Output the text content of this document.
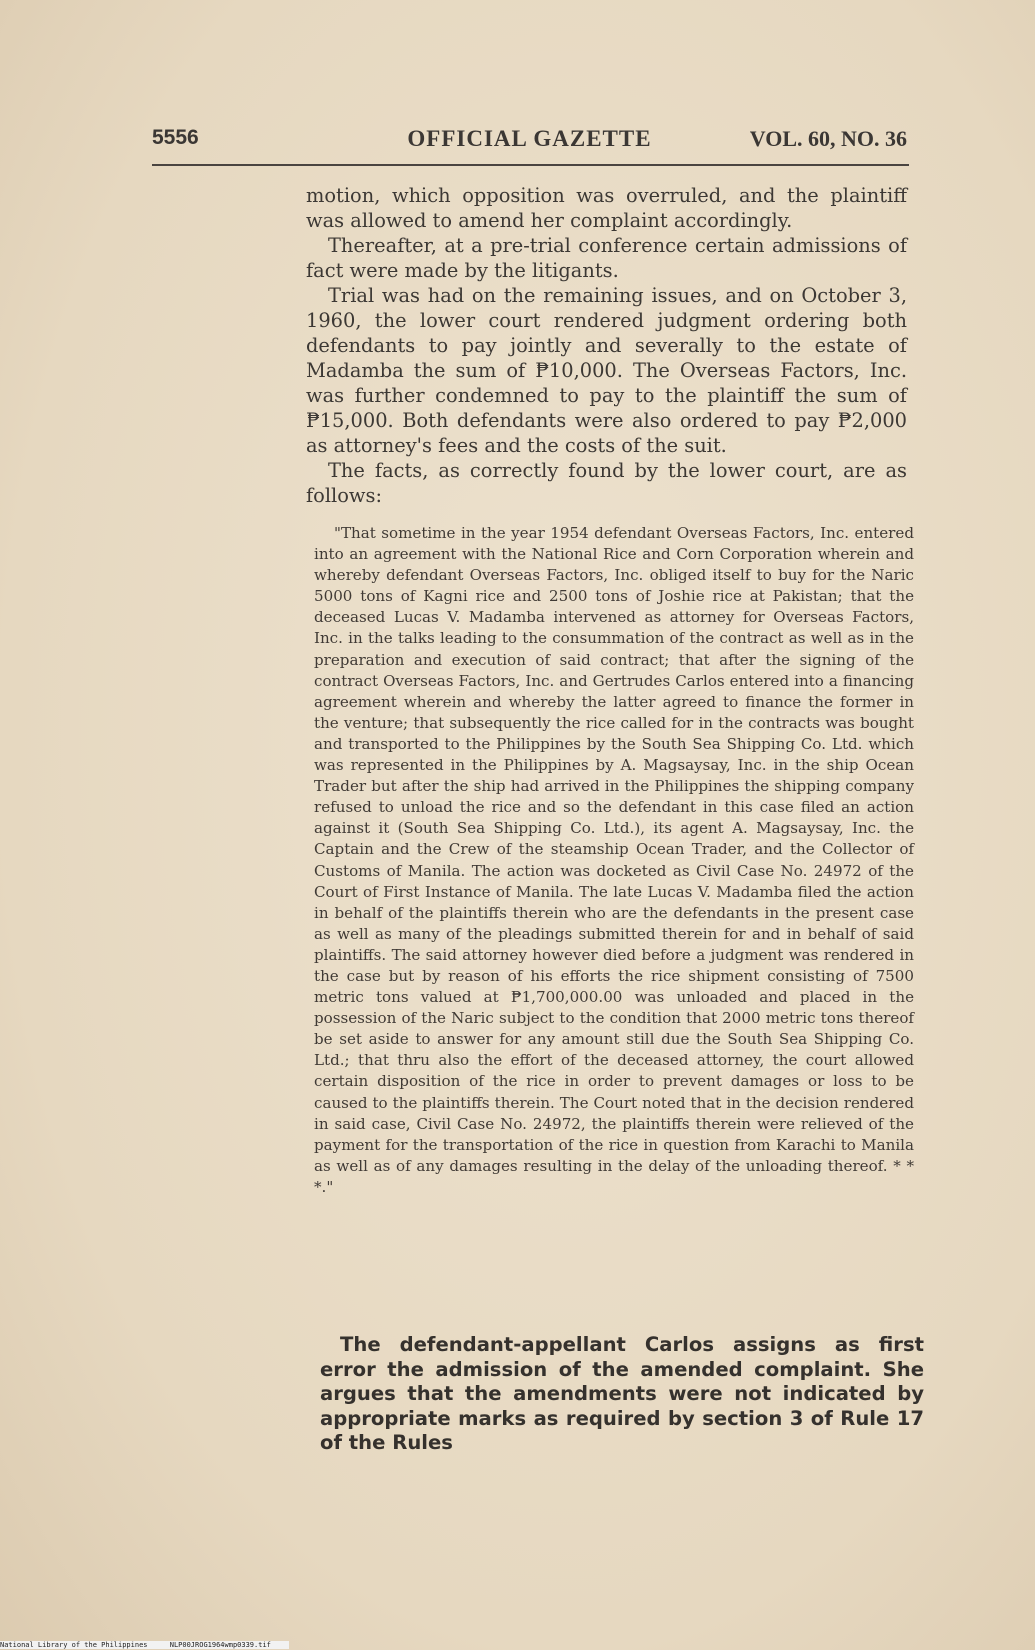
5556	OFFICIAL GAZETTE	VOL. 60, NO. 36

motion, which opposition was overruled, and the plaintiff was allowed to amend her complaint accordingly.

Thereafter, at a pre-trial conference certain admissions of fact were made by the litigants.

Trial was had on the remaining issues, and on October 3, 1960, the lower court rendered judgment ordering both defendants to pay jointly and severally to the estate of Madamba the sum of ₱10,000. The Overseas Factors, Inc. was further condemned to pay to the plaintiff the sum of ₱15,000. Both defendants were also ordered to pay ₱2,000 as attorney's fees and the costs of the suit.

The facts, as correctly found by the lower court, are as follows:

"That sometime in the year 1954 defendant Overseas Factors, Inc. entered into an agreement with the National Rice and Corn Corporation wherein and whereby defendant Overseas Factors, Inc. obliged itself to buy for the Naric 5000 tons of Kagni rice and 2500 tons of Joshie rice at Pakistan; that the deceased Lucas V. Madamba intervened as attorney for Overseas Factors, Inc. in the talks leading to the consummation of the contract as well as in the preparation and execution of said contract; that after the signing of the contract Overseas Factors, Inc. and Gertrudes Carlos entered into a financing agreement wherein and whereby the latter agreed to finance the former in the venture; that subsequently the rice called for in the contracts was bought and transported to the Philippines by the South Sea Shipping Co. Ltd. which was represented in the Philippines by A. Magsaysay, Inc. in the ship Ocean Trader but after the ship had arrived in the Philippines the shipping company refused to unload the rice and so the defendant in this case filed an action against it (South Sea Shipping Co. Ltd.), its agent A. Magsaysay, Inc. the Captain and the Crew of the steamship Ocean Trader, and the Collector of Customs of Manila. The action was docketed as Civil Case No. 24972 of the Court of First Instance of Manila. The late Lucas V. Madamba filed the action in behalf of the plaintiffs therein who are the defendants in the present case as well as many of the pleadings submitted therein for and in behalf of said plaintiffs. The said attorney however died before a judgment was rendered in the case but by reason of his efforts the rice shipment consisting of 7500 metric tons valued at ₱1,700,000.00 was unloaded and placed in the possession of the Naric subject to the condition that 2000 metric tons thereof be set aside to answer for any amount still due the South Sea Shipping Co. Ltd.; that thru also the effort of the deceased attorney, the court allowed certain disposition of the rice in order to prevent damages or loss to be caused to the plaintiffs therein. The Court noted that in the decision rendered in said case, Civil Case No. 24972, the plaintiffs therein were relieved of the payment for the transportation of the rice in question from Karachi to Manila as well as of any damages resulting in the delay of the unloading thereof. * * *."
The defendant-appellant Carlos assigns as first error the admission of the amended complaint. She argues that the amendments were not indicated by appropriate marks as required by section 3 of Rule 17 of the Rules
National Library of the Philippines	NLP00JROG1964wmp0339.tif
